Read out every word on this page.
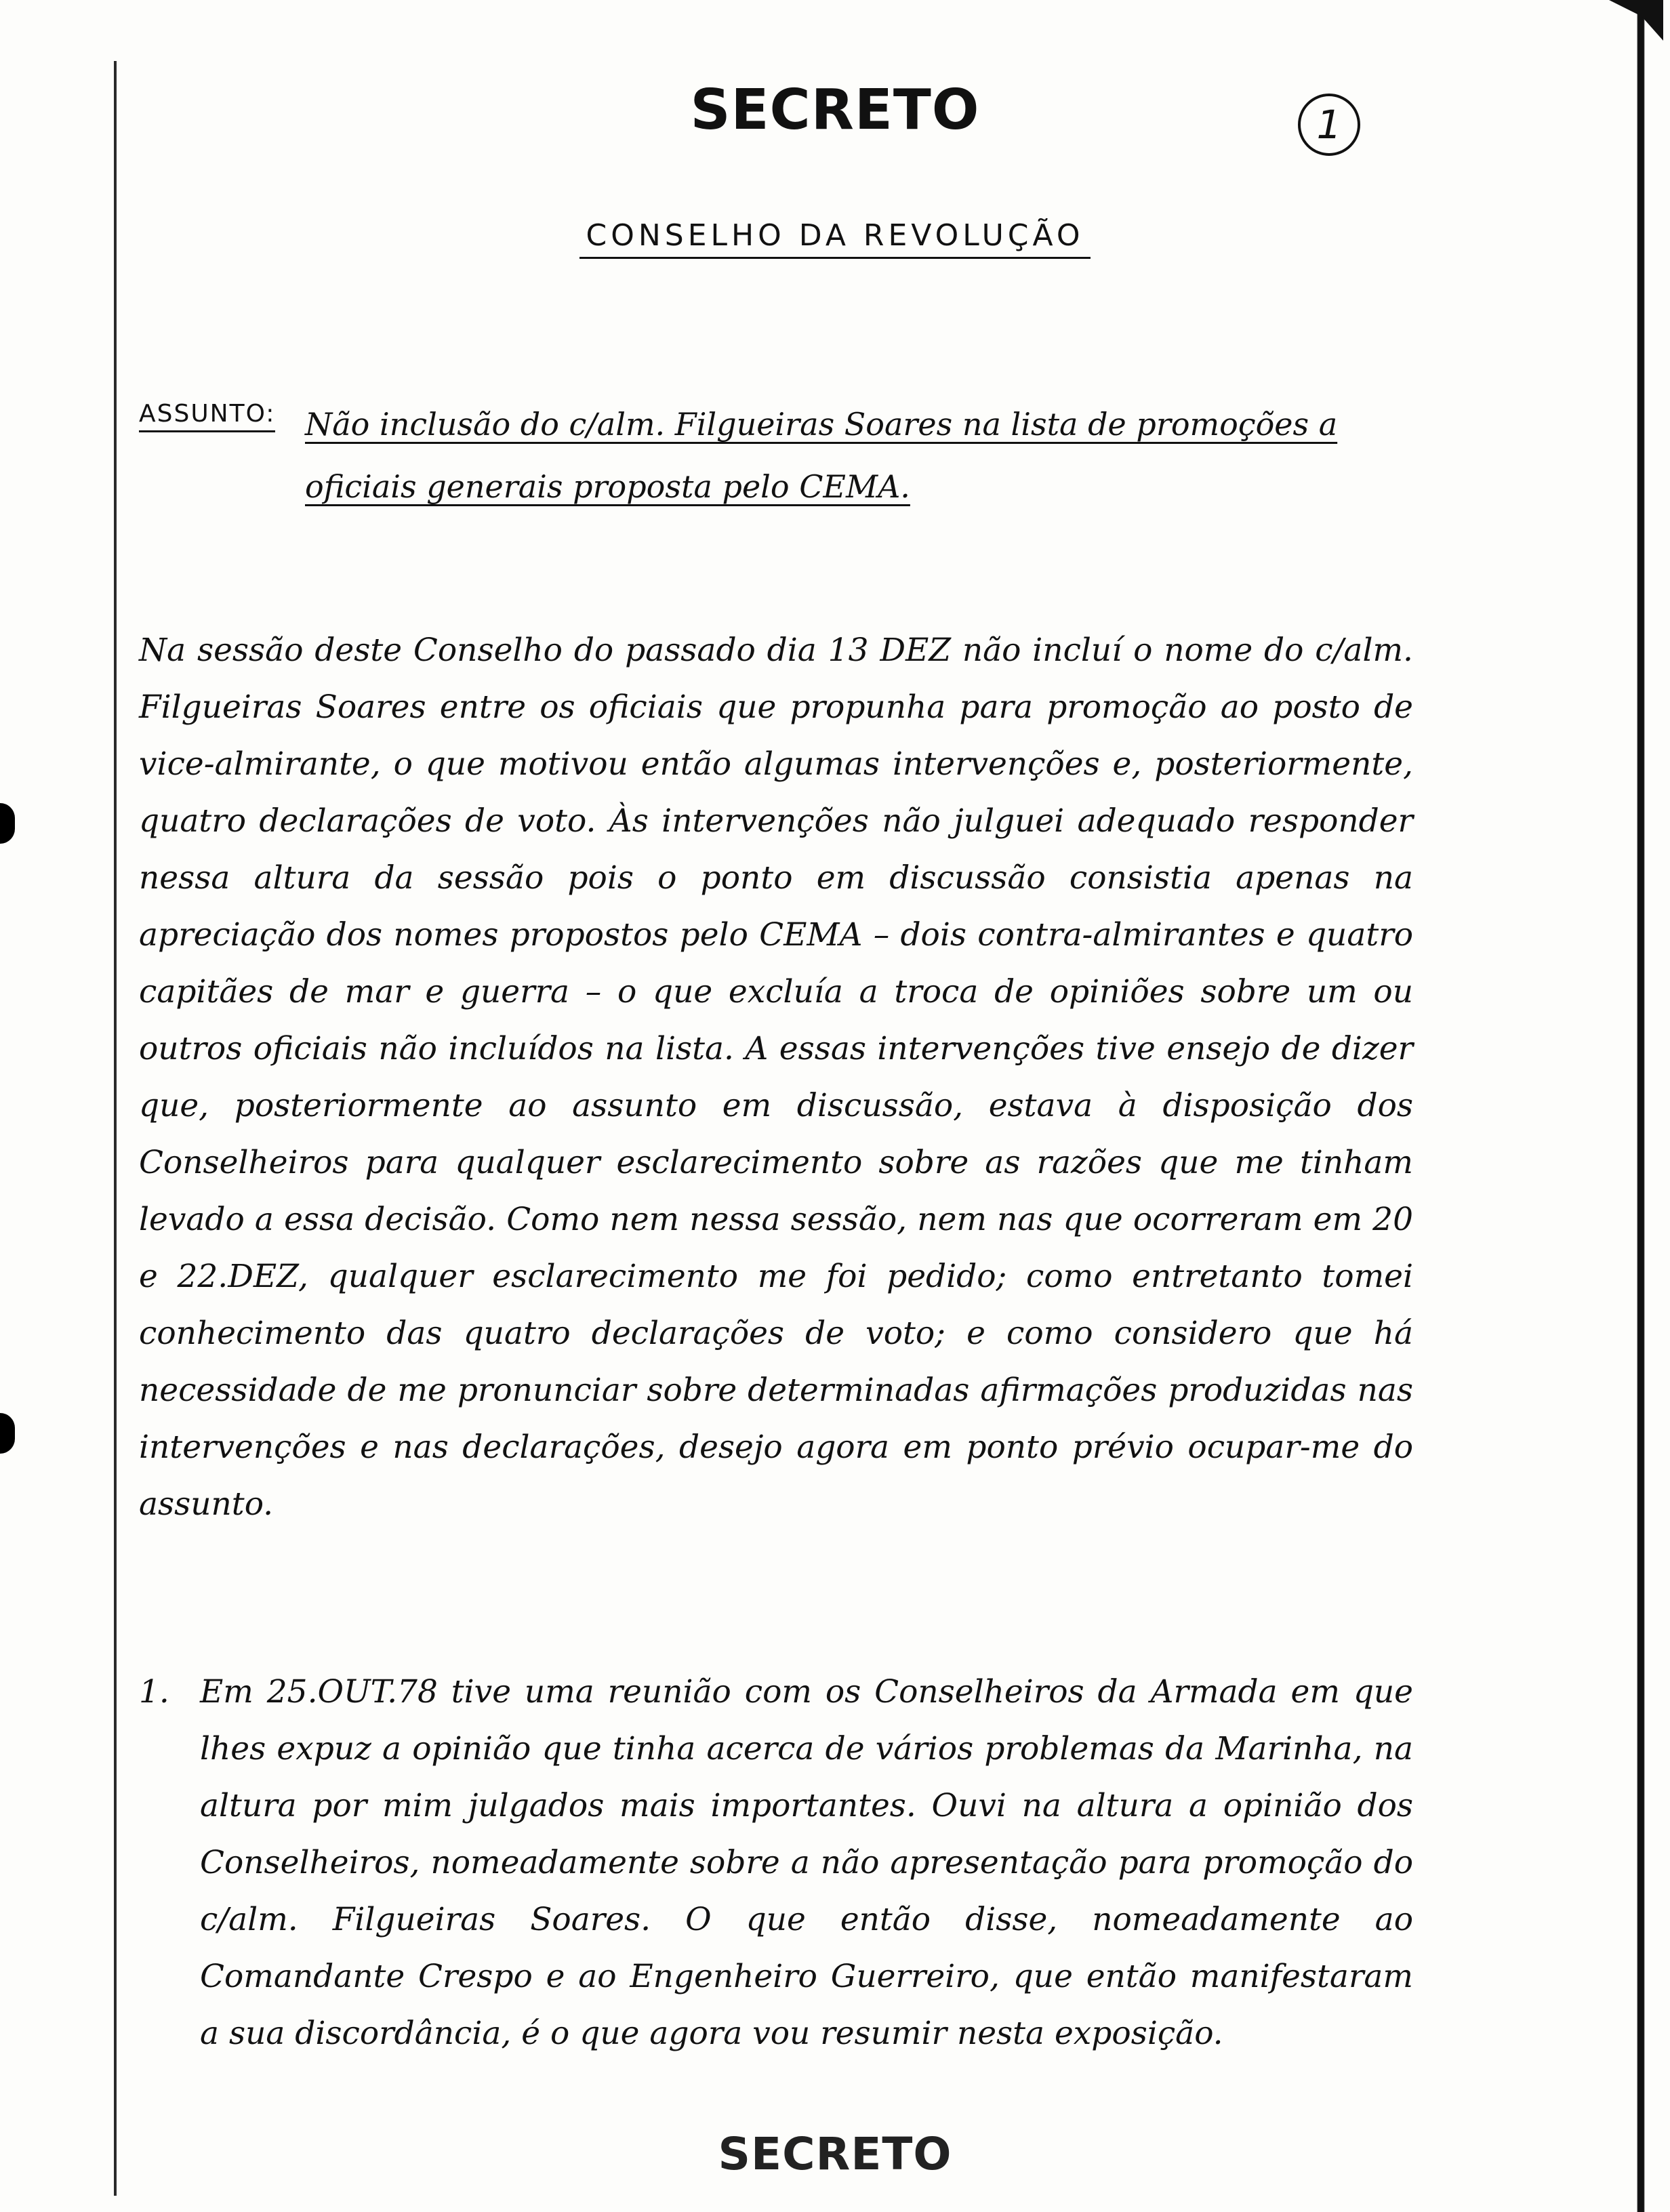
SECRETO	1
CONSELHO DA REVOLUÇÃO
ASSUNTO: Não inclusão do c/alm. Filgueiras Soares na lista de promoções a oficiais generais proposta pelo CEMA.

Na sessão deste Conselho do passado dia 13 DEZ não incluí o nome do c/alm. Filgueiras Soares entre os oficiais que propunha para promoção ao posto de vice-almirante, o que motivou então algumas intervenções e, posteriormente, quatro declarações de voto. Às intervenções não julguei adequado responder nessa altura da sessão pois o ponto em discussão consistia apenas na apreciação dos nomes propostos pelo CEMA – dois contra-almirantes e quatro capitães de mar e guerra – o que excluía a troca de opiniões sobre um ou outros oficiais não incluídos na lista. A essas intervenções tive ensejo de dizer que, posteriormente ao assunto em discussão, estava à disposição dos Conselheiros para qualquer esclarecimento sobre as razões que me tinham levado a essa decisão. Como nem nessa sessão, nem nas que ocorreram em 20 e 22.DEZ, qualquer esclarecimento me foi pedido; como entretanto tomei conhecimento das quatro declarações de voto; e como considero que há necessidade de me pronunciar sobre determinadas afirmações produzidas nas intervenções e nas declarações, desejo agora em ponto prévio ocupar-me do assunto.

1. Em 25.OUT.78 tive uma reunião com os Conselheiros da Armada em que lhes expuz a opinião que tinha acerca de vários problemas da Marinha, na altura por mim julgados mais importantes. Ouvi na altura a opinião dos Conselheiros, nomeadamente sobre a não apresentação para promoção do c/alm. Filgueiras Soares. O que então disse, nomeadamente ao Comandante Crespo e ao Engenheiro Guerreiro, que então manifestaram a sua discordância, é o que agora vou resumir nesta exposição.

SECRETO
